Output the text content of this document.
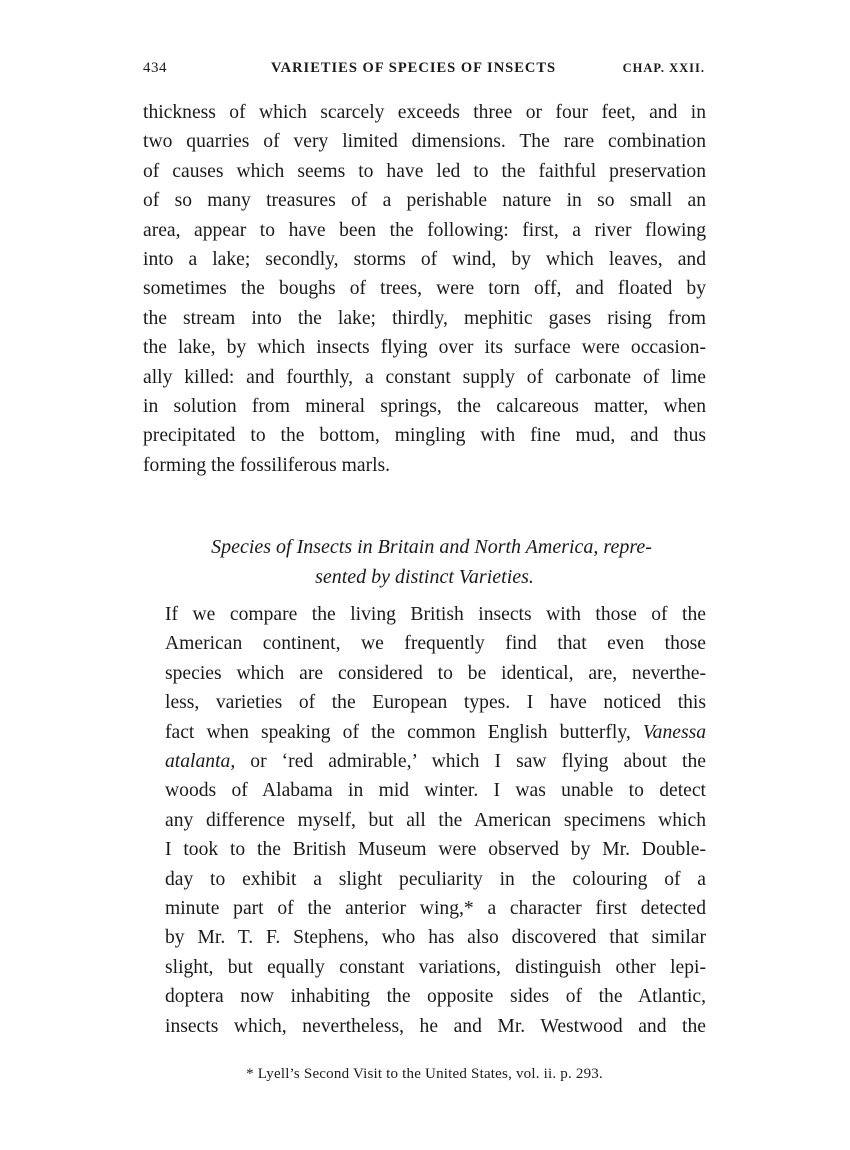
434	VARIETIES OF SPECIES OF INSECTS	CHAP. XXII.
thickness of which scarcely exceeds three or four feet, and in
two quarries of very limited dimensions. The rare combination
of causes which seems to have led to the faithful preservation
of so many treasures of a perishable nature in so small an
area, appear to have been the following: first, a river flowing
into a lake; secondly, storms of wind, by which leaves, and
sometimes the boughs of trees, were torn off, and floated by
the stream into the lake; thirdly, mephitic gases rising from
the lake, by which insects flying over its surface were occasion-
ally killed: and fourthly, a constant supply of carbonate of lime
in solution from mineral springs, the calcareous matter, when
precipitated to the bottom, mingling with fine mud, and thus
forming the fossiliferous marls.
Species of Insects in Britain and North America, repre-
sented by distinct Varieties.
If we compare the living British insects with those of the
American continent, we frequently find that even those
species which are considered to be identical, are, neverthe-
less, varieties of the European types. I have noticed this
fact when speaking of the common English butterfly, Vanessa
atalanta, or ‘red admirable,’ which I saw flying about the
woods of Alabama in mid winter. I was unable to detect
any difference myself, but all the American specimens which
I took to the British Museum were observed by Mr. Double-
day to exhibit a slight peculiarity in the colouring of a
minute part of the anterior wing,* a character first detected
by Mr. T. F. Stephens, who has also discovered that similar
slight, but equally constant variations, distinguish other lepi-
doptera now inhabiting the opposite sides of the Atlantic,
insects which, nevertheless, he and Mr. Westwood and the
* Lyell’s Second Visit to the United States, vol. ii. p. 293.
